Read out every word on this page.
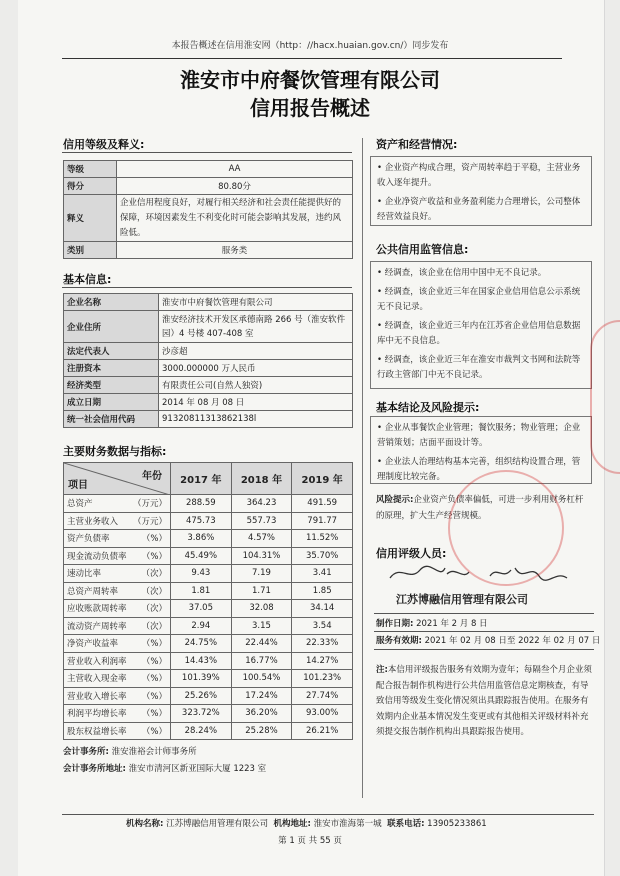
本报告概述在信用淮安网（http：//hacx.huaian.gov.cn/）同步发布
淮安市中府餐饮管理有限公司
信用报告概述
信用等级及释义:
等级	AA
得分	80.80分
释义	企业信用程度良好，对履行相关经济和社会责任能提供好的保障，环境因素发生不利变化时可能会影响其发展，违约风险低。
类别	服务类
基本信息:
企业名称	淮安市中府餐饮管理有限公司
企业住所	淮安经济技术开发区承德南路 266 号（淮安软件园）4 号楼 407-408 室
法定代表人	沙彦超
注册资本	3000.000000 万人民币
经济类型	有限责任公司(自然人独资)
成立日期	2014 年 08 月 08 日
统一社会信用代码	91320811313862138l
主要财务数据与指标:
年份
项目	2017 年	2018 年	2019 年
总资产 （万元）	288.59	364.23	491.59
主营业务收入 （万元）	475.73	557.73	791.77
资产负债率 （%）	3.86%	4.57%	11.52%
现金流动负债率 （%）	45.49%	104.31%	35.70%
速动比率 （次）	9.43	7.19	3.41
总资产周转率 （次）	1.81	1.71	1.85
应收账款周转率 （次）	37.05	32.08	34.14
流动资产周转率 （次）	2.94	3.15	3.54
净资产收益率 （%）	24.75%	22.44%	22.33%
营业收入利润率 （%）	14.43%	16.77%	14.27%
主营收入现金率 （%）	101.39%	100.54%	101.23%
营业收入增长率 （%）	25.26%	17.24%	27.74%
利润平均增长率 （%）	323.72%	36.20%	93.00%
股东权益增长率 （%）	28.24%	25.28%	26.21%
会计事务所: 淮安淮裕会计师事务所
会计事务所地址: 淮安市清河区新亚国际大厦 1223 室
资产和经营情况:

• 企业资产构成合理，资产周转率趋于平稳，主营业务收入逐年提升。

• 企业净资产收益和业务盈利能力合理增长，公司整体经营效益良好。

公共信用监管信息:

• 经调查，该企业在信用中国中无不良记录。

• 经调查，该企业近三年在国家企业信用信息公示系统无不良记录。

• 经调查，该企业近三年内在江苏省企业信用信息数据库中无不良信息。

• 经调查，该企业近三年在淮安市裁判文书网和法院等行政主管部门中无不良记录。

基本结论及风险提示:

• 企业从事餐饮企业管理；餐饮服务；物业管理；企业营销策划；店面平面设计等。

• 企业法人治理结构基本完善，组织结构设置合理，管理制度比较完备。

风险提示:企业资产负债率偏低，可进一步利用财务杠杆的原理，扩大生产经营规模。
信用评级人员:
江苏博融信用管理有限公司
制作日期: 2021 年 2 月 8 日
服务有效期: 2021 年 02 月 08 日至 2022 年 02 月 07 日
注:本信用评级报告服务有效期为壹年；每隔叁个月企业须配合报告制作机构进行公共信用监管信息定期核查，有导致信用等级发生变化情况须出具跟踪报告使用。在服务有效期内企业基本情况发生变更或有其他相关评级材料补充须提交报告制作机构出具跟踪报告使用。
机构名称: 江苏博融信用管理有限公司 机构地址: 淮安市淮海第一城 联系电话: 13905233861
第 1 页 共 55 页
